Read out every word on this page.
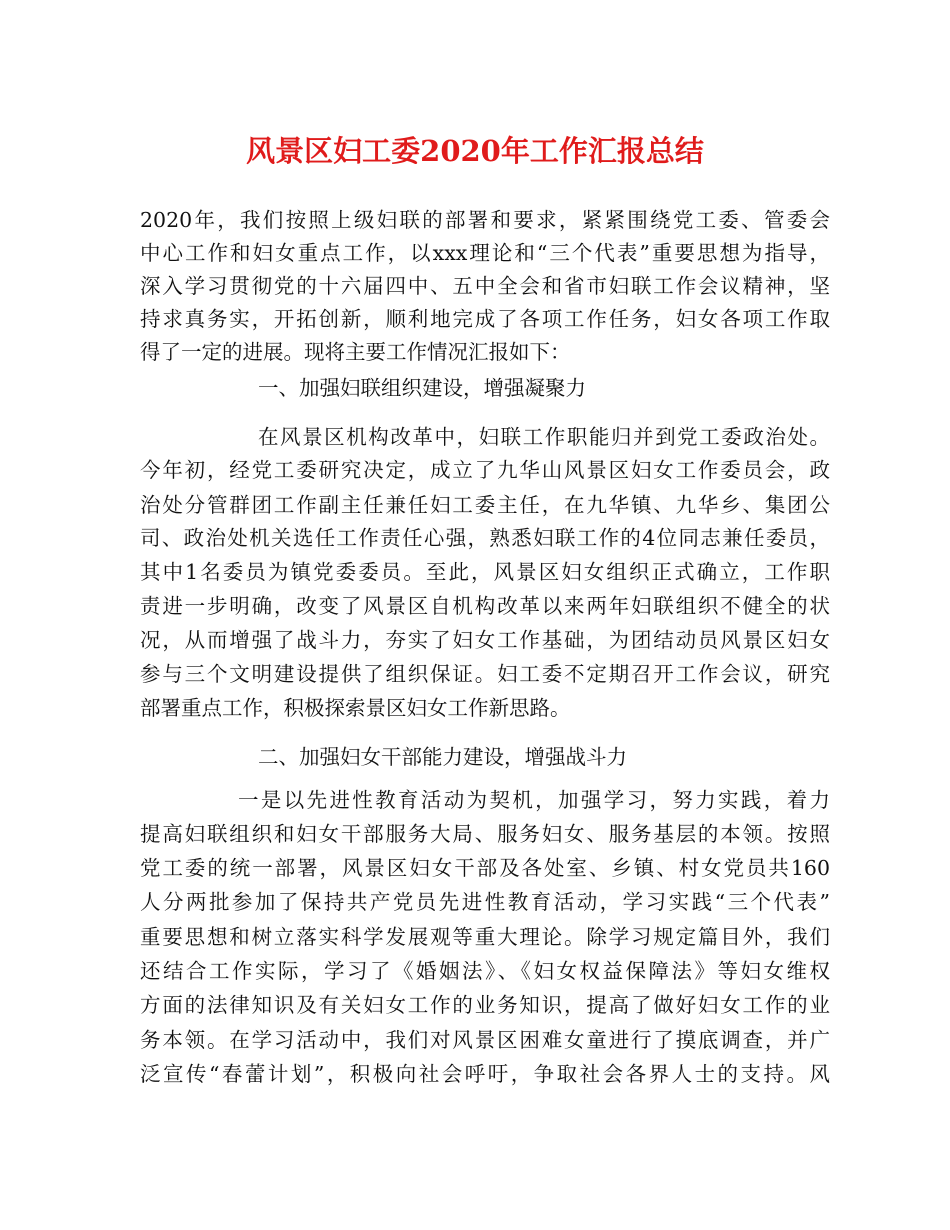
风景区妇工委2020年工作汇报总结
2020年，我们按照上级妇联的部署和要求，紧紧围绕党工委、管委会
中心工作和妇女重点工作，以xxx理论和“三个代表”重要思想为指导，
深入学习贯彻党的十六届四中、五中全会和省市妇联工作会议精神，坚
持求真务实，开拓创新，顺利地完成了各项工作任务，妇女各项工作取
得了一定的进展。现将主要工作情况汇报如下：
一、加强妇联组织建设，增强凝聚力
在风景区机构改革中，妇联工作职能归并到党工委政治处。
今年初，经党工委研究决定，成立了九华山风景区妇女工作委员会，政
治处分管群团工作副主任兼任妇工委主任，在九华镇、九华乡、集团公
司、政治处机关选任工作责任心强，熟悉妇联工作的4位同志兼任委员，
其中1名委员为镇党委委员。至此，风景区妇女组织正式确立，工作职
责进一步明确，改变了风景区自机构改革以来两年妇联组织不健全的状
况，从而增强了战斗力，夯实了妇女工作基础，为团结动员风景区妇女
参与三个文明建设提供了组织保证。妇工委不定期召开工作会议，研究
部署重点工作，积极探索景区妇女工作新思路。
二、加强妇女干部能力建设，增强战斗力
一是以先进性教育活动为契机，加强学习，努力实践，着力
提高妇联组织和妇女干部服务大局、服务妇女、服务基层的本领。按照
党工委的统一部署，风景区妇女干部及各处室、乡镇、村女党员共160
人分两批参加了保持共产党员先进性教育活动，学习实践“三个代表”
重要思想和树立落实科学发展观等重大理论。除学习规定篇目外，我们
还结合工作实际，学习了《婚姻法》、《妇女权益保障法》等妇女维权
方面的法律知识及有关妇女工作的业务知识，提高了做好妇女工作的业
务本领。在学习活动中，我们对风景区困难女童进行了摸底调查，并广
泛宣传“春蕾计划”，积极向社会呼吁，争取社会各界人士的支持。风
